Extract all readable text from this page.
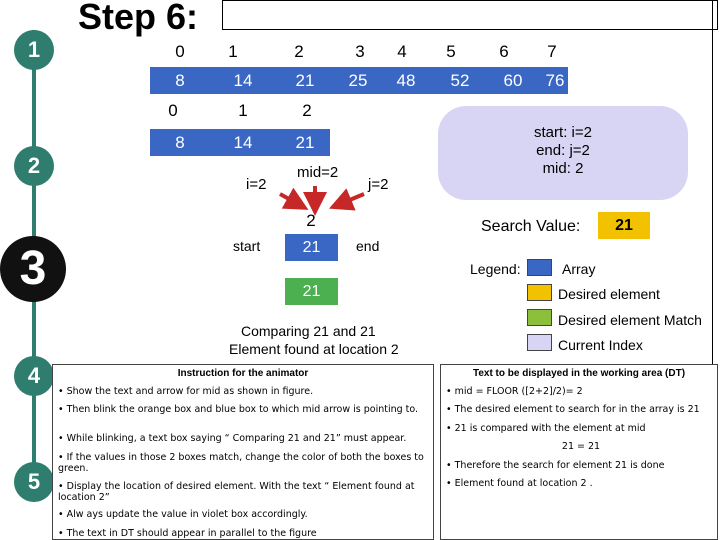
1
2
3
4
5
Step 6:
0	1	2	3	4	5	6	7
8	14	21	25	48	52	60	76
0	1	2
8	14	21
i=2
mid=2
j=2
2
start	21	end
21
start: i=2
end: j=2
mid: 2
Search Value:	21
Legend:	Array
Desired element
Desired element Match
Current Index
Comparing 21 and 21
Element found at location 2
Instruction for the animator
• Show the text and arrow for mid as shown in figure.
• Then blink the orange box and blue box to which mid arrow is pointing to.
• While blinking, a text box saying “ Comparing 21 and 21” must appear.
• If the values in those 2 boxes match, change the color of both the boxes to green.
• Display the location of desired element. With the text “ Element found at location 2”
• Alw ays update the value in violet box accordingly.
• The text in DT should appear in parallel to the figure
Text to be displayed in the working area (DT)
• mid = FLOOR ([2+2]/2)= 2
• The desired element to search for in the array is 21
• 21 is compared with the element at mid
21 = 21
• Therefore the search for element 21 is done
• Element found at location 2 .
